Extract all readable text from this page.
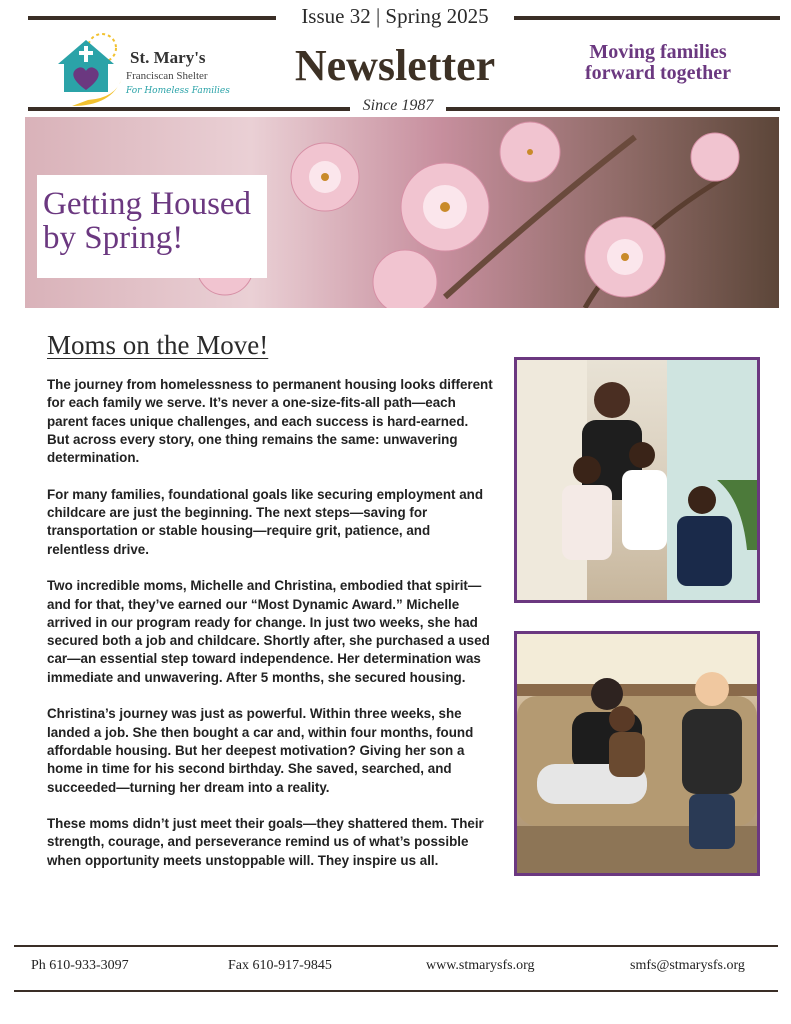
Issue 32 | Spring 2025
St. Mary's
Franciscan Shelter
For Homeless Families
Newsletter	Moving families
forward together
Since 1987
Getting Housed
by Spring!
Moms on the Move!

The journey from homelessness to permanent housing looks different for each family we serve. It’s never a one-size-fits-all path—each parent faces unique challenges, and each success is hard-earned. But across every story, one thing remains the same: unwavering determination.

For many families, foundational goals like securing employment and childcare are just the beginning. The next steps—saving for transportation or stable housing—require grit, patience, and relentless drive.

Two incredible moms, Michelle and Christina, embodied that spirit—and for that, they’ve earned our “Most Dynamic Award.” Michelle arrived in our program ready for change. In just two weeks, she had secured both a job and childcare. Shortly after, she purchased a used car—an essential step toward independence. Her determination was immediate and unwavering. After 5 months, she secured housing.

Christina’s journey was just as powerful. Within three weeks, she landed a job. She then bought a car and, within four months, found affordable housing. But her deepest motivation? Giving her son a home in time for his second birthday. She saved, searched, and succeeded—turning her dream into a reality.

These moms didn’t just meet their goals—they shattered them. Their strength, courage, and perseverance remind us of what’s possible when opportunity meets unstoppable will. They inspire us all.

Ph 610-933-3097	Fax 610-917-9845	www.stmarysfs.org	smfs@stmarysfs.org
